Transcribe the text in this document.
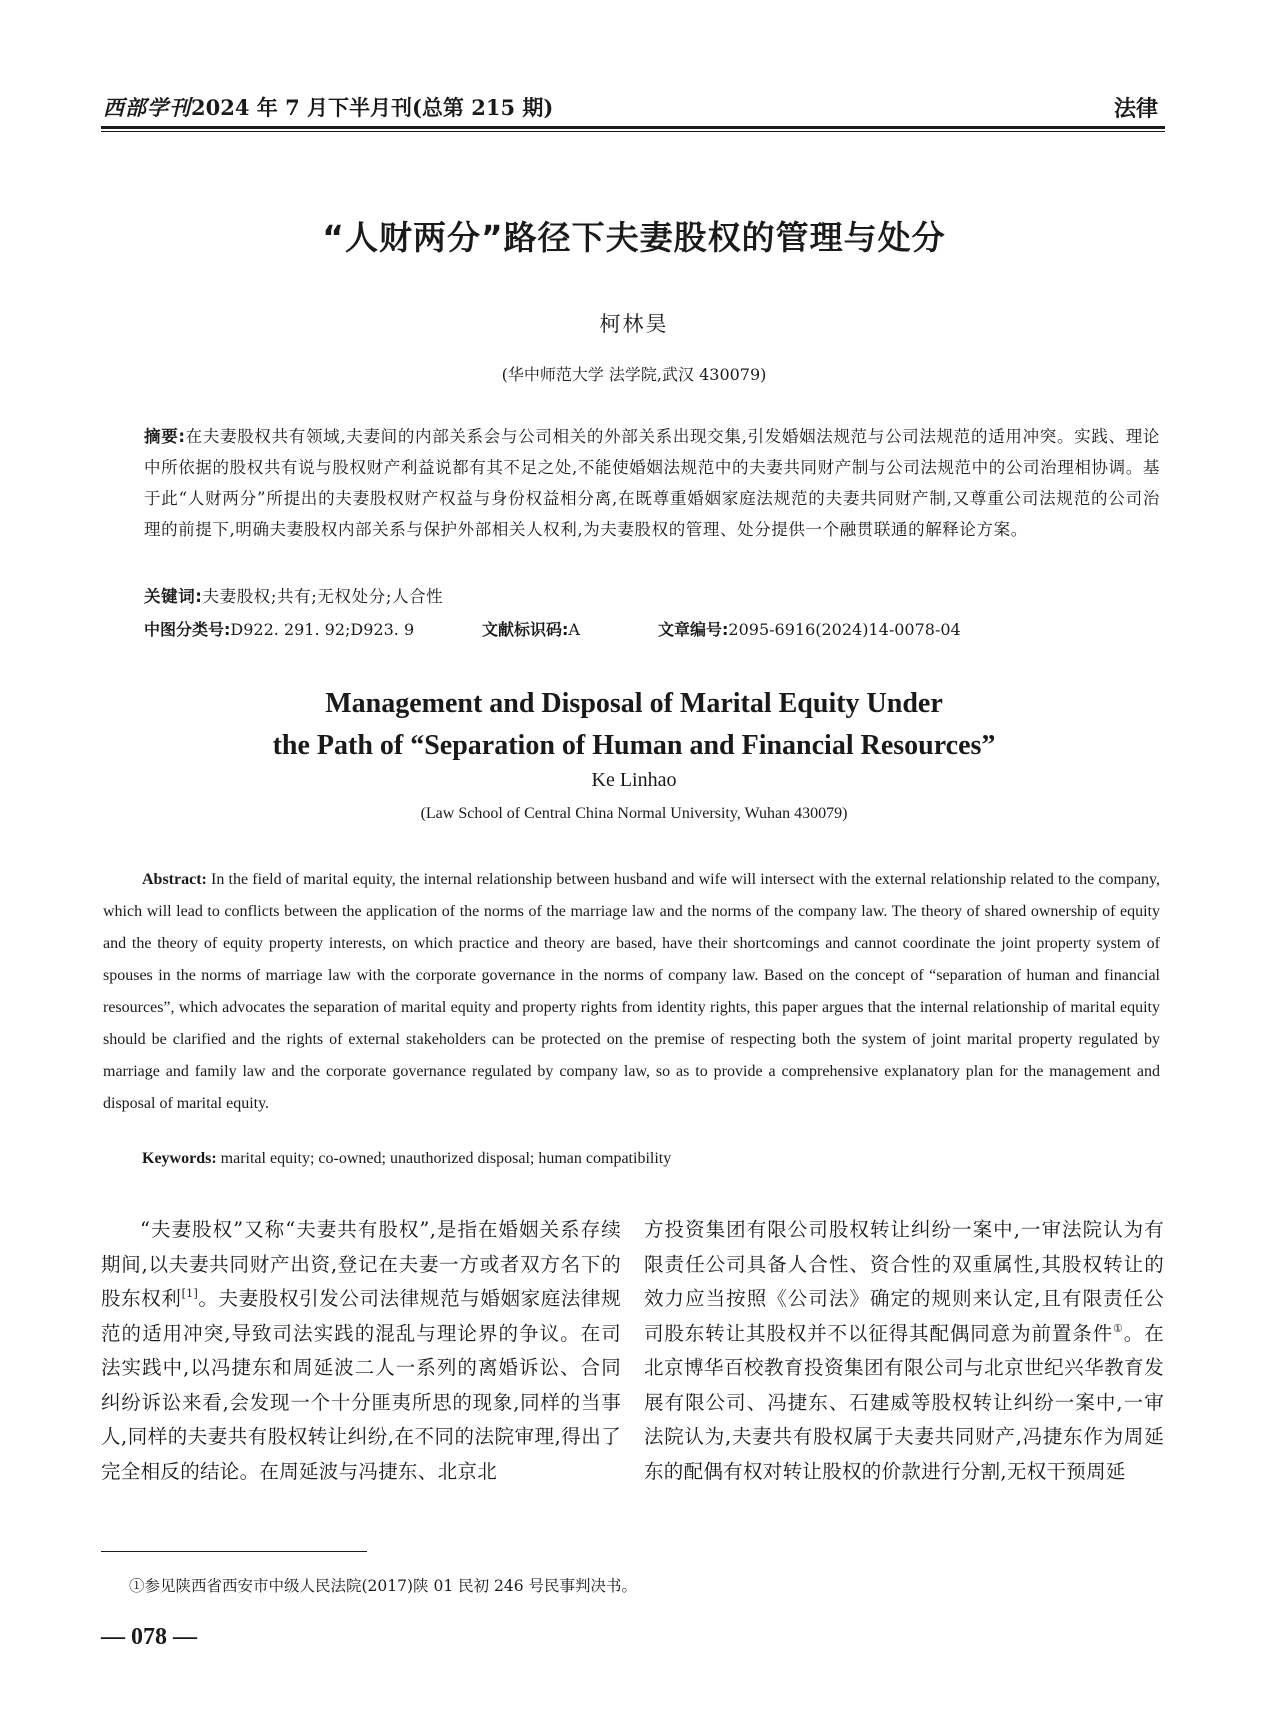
西部学刊2024 年 7 月下半月刊(总第 215 期)	法律
“人财两分”路径下夫妻股权的管理与处分
柯林昊
(华中师范大学 法学院,武汉 430079)
摘要:在夫妻股权共有领域,夫妻间的内部关系会与公司相关的外部关系出现交集,引发婚姻法规范与公司法规范的适用冲突。实践、理论中所依据的股权共有说与股权财产利益说都有其不足之处,不能使婚姻法规范中的夫妻共同财产制与公司法规范中的公司治理相协调。基于此“人财两分”所提出的夫妻股权财产权益与身份权益相分离,在既尊重婚姻家庭法规范的夫妻共同财产制,又尊重公司法规范的公司治理的前提下,明确夫妻股权内部关系与保护外部相关人权利,为夫妻股权的管理、处分提供一个融贯联通的解释论方案。
关键词:夫妻股权;共有;无权处分;人合性
中图分类号:D922. 291. 92;D923. 9	文献标识码:A	文章编号:2095-6916(2024)14-0078-04
Management and Disposal of Marital Equity Under
the Path of “Separation of Human and Financial Resources”
Ke Linhao
(Law School of Central China Normal University, Wuhan 430079)
Abstract: In the field of marital equity, the internal relationship between husband and wife will intersect with the external relationship related to the company, which will lead to conflicts between the application of the norms of the marriage law and the norms of the company law. The theory of shared ownership of equity and the theory of equity property interests, on which practice and theory are based, have their shortcomings and cannot coordinate the joint property system of spouses in the norms of marriage law with the corporate governance in the norms of company law. Based on the concept of “separation of human and financial resources”, which advocates the separation of marital equity and property rights from identity rights, this paper argues that the internal relationship of marital equity should be clarified and the rights of external stakeholders can be protected on the premise of respecting both the system of joint marital property regulated by marriage and family law and the corporate governance regulated by company law, so as to provide a comprehensive explanatory plan for the management and disposal of marital equity.
Keywords: marital equity; co-owned; unauthorized disposal; human compatibility
“夫妻股权”又称“夫妻共有股权”,是指在婚姻关系存续期间,以夫妻共同财产出资,登记在夫妻一方或者双方名下的股东权利[1]。夫妻股权引发公司法律规范与婚姻家庭法律规范的适用冲突,导致司法实践的混乱与理论界的争议。在司法实践中,以冯捷东和周延波二人一系列的离婚诉讼、合同纠纷诉讼来看,会发现一个十分匪夷所思的现象,同样的当事人,同样的夫妻共有股权转让纠纷,在不同的法院审理,得出了完全相反的结论。在周延波与冯捷东、北京北
方投资集团有限公司股权转让纠纷一案中,一审法院认为有限责任公司具备人合性、资合性的双重属性,其股权转让的效力应当按照《公司法》确定的规则来认定,且有限责任公司股东转让其股权并不以征得其配偶同意为前置条件①。在北京博华百校教育投资集团有限公司与北京世纪兴华教育发展有限公司、冯捷东、石建威等股权转让纠纷一案中,一审法院认为,夫妻共有股权属于夫妻共同财产,冯捷东作为周延东的配偶有权对转让股权的价款进行分割,无权干预周延
①参见陕西省西安市中级人民法院(2017)陕 01 民初 246 号民事判决书。
— 078 —
